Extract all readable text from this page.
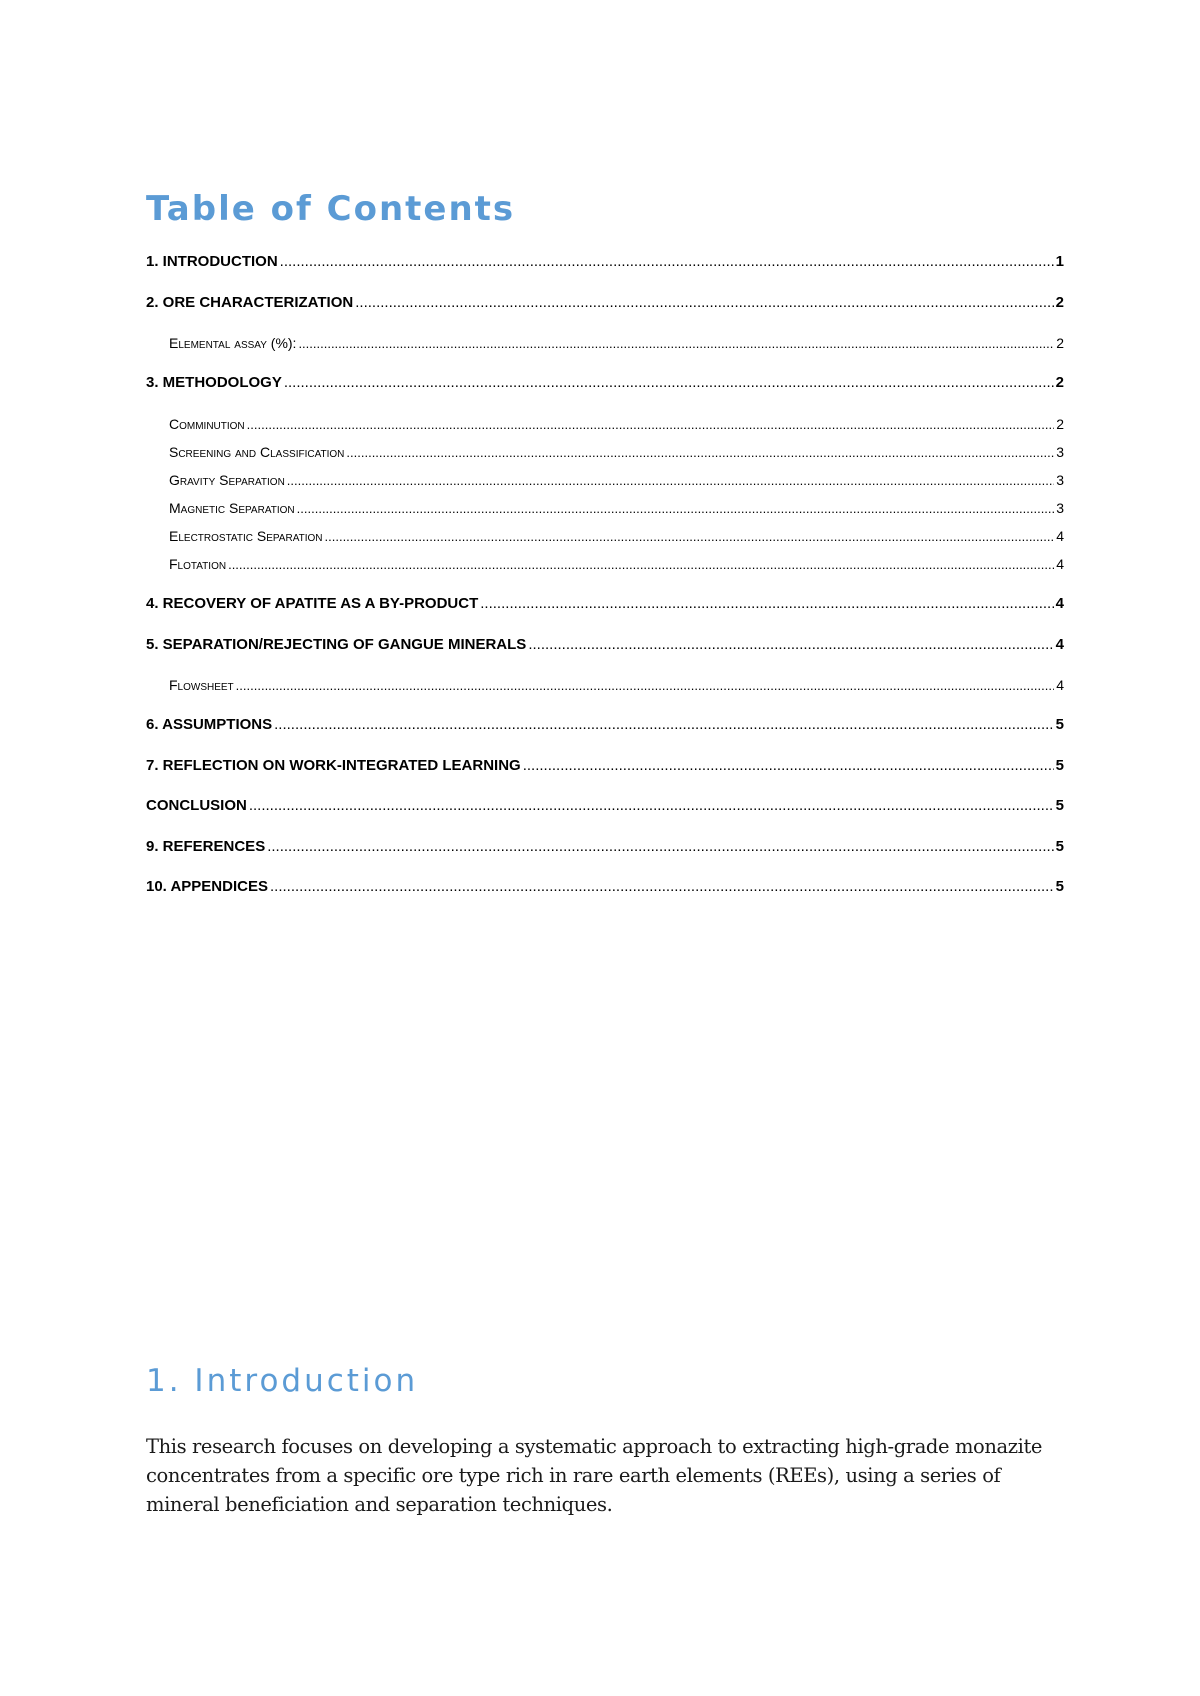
Table of Contents
1. INTRODUCTION .....	1
2. ORE CHARACTERIZATION .....	2
Elemental assay (%): .....	2
3. METHODOLOGY .....	2
Comminution .....	2
Screening and Classification .....	3
Gravity Separation .....	3
Magnetic Separation .....	3
Electrostatic Separation .....	4
Flotation .....	4
4. RECOVERY OF APATITE AS A BY-PRODUCT .....	4
5. SEPARATION/REJECTING OF GANGUE MINERALS .....	4
Flowsheet .....	4
6. ASSUMPTIONS .....	5
7. REFLECTION ON WORK-INTEGRATED LEARNING .....	5
CONCLUSION .....	5
9. REFERENCES .....	5
10. APPENDICES .....	5
1. Introduction

This research focuses on developing a systematic approach to extracting high-grade monazite concentrates from a specific ore type rich in rare earth elements (REEs), using a series of mineral beneficiation and separation techniques.
